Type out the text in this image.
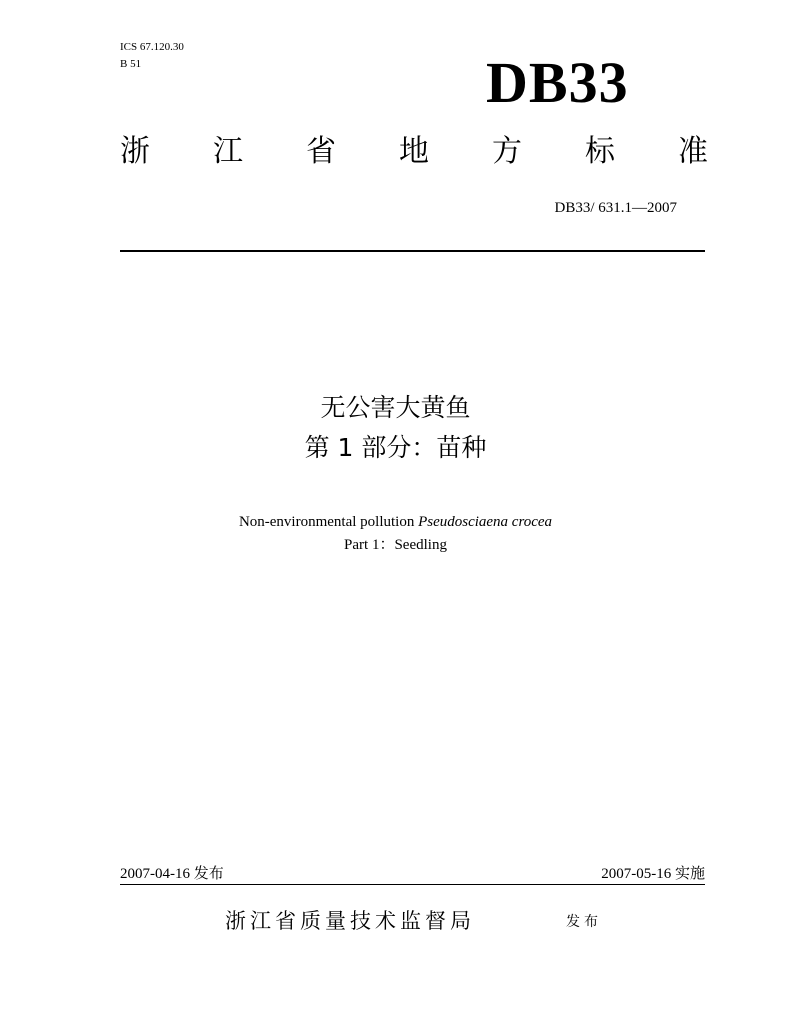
ICS 67.120.30
B 51	DB33
浙 江 省 地 方 标 准
DB33/ 631.1—2007
无公害大黄鱼
第 1 部分：苗种
Non-environmental pollution Pseudosciaena crocea
Part 1：Seedling
2007-04-16 发布	2007-05-16 实施
浙江省质量技术监督局	发布
